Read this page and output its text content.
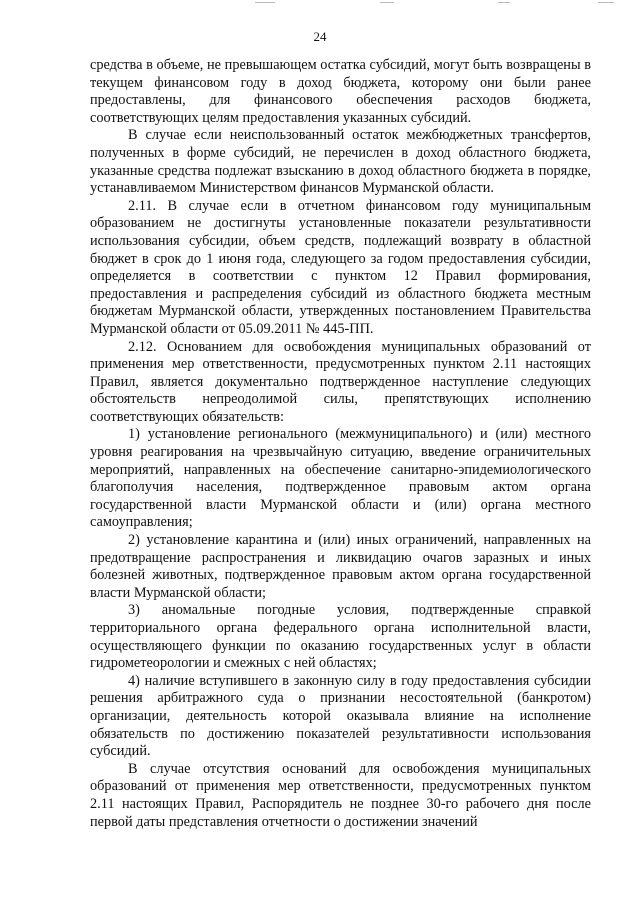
24

средства в объеме, не превышающем остатка субсидий, могут быть возвращены в текущем финансовом году в доход бюджета, которому они были ранее предоставлены, для финансового обеспечения расходов бюджета, соответствующих целям предоставления указанных субсидий.

В случае если неиспользованный остаток межбюджетных трансфертов, полученных в форме субсидий, не перечислен в доход областного бюджета, указанные средства подлежат взысканию в доход областного бюджета в порядке, устанавливаемом Министерством финансов Мурманской области.

2.11. В случае если в отчетном финансовом году муниципальным образованием не достигнуты установленные показатели результативности использования субсидии, объем средств, подлежащий возврату в областной бюджет в срок до 1 июня года, следующего за годом предоставления субсидии, определяется в соответствии с пунктом 12 Правил формирования, предоставления и распределения субсидий из областного бюджета местным бюджетам Мурманской области, утвержденных постановлением Правительства Мурманской области от 05.09.2011 № 445-ПП.

2.12. Основанием для освобождения муниципальных образований от применения мер ответственности, предусмотренных пунктом 2.11 настоящих Правил, является документально подтвержденное наступление следующих обстоятельств непреодолимой силы, препятствующих исполнению соответствующих обязательств:

1) установление регионального (межмуниципального) и (или) местного уровня реагирования на чрезвычайную ситуацию, введение ограничительных мероприятий, направленных на обеспечение санитарно-эпидемиологического благополучия населения, подтвержденное правовым актом органа государственной власти Мурманской области и (или) органа местного самоуправления;

2) установление карантина и (или) иных ограничений, направленных на предотвращение распространения и ликвидацию очагов заразных и иных болезней животных, подтвержденное правовым актом органа государственной власти Мурманской области;

3) аномальные погодные условия, подтвержденные справкой территориального органа федерального органа исполнительной власти, осуществляющего функции по оказанию государственных услуг в области гидрометеорологии и смежных с ней областях;

4) наличие вступившего в законную силу в году предоставления субсидии решения арбитражного суда о признании несостоятельной (банкротом) организации, деятельность которой оказывала влияние на исполнение обязательств по достижению показателей результативности использования субсидий.

В случае отсутствия оснований для освобождения муниципальных образований от применения мер ответственности, предусмотренных пунктом 2.11 настоящих Правил, Распорядитель не позднее 30-го рабочего дня после первой даты представления отчетности о достижении значений
